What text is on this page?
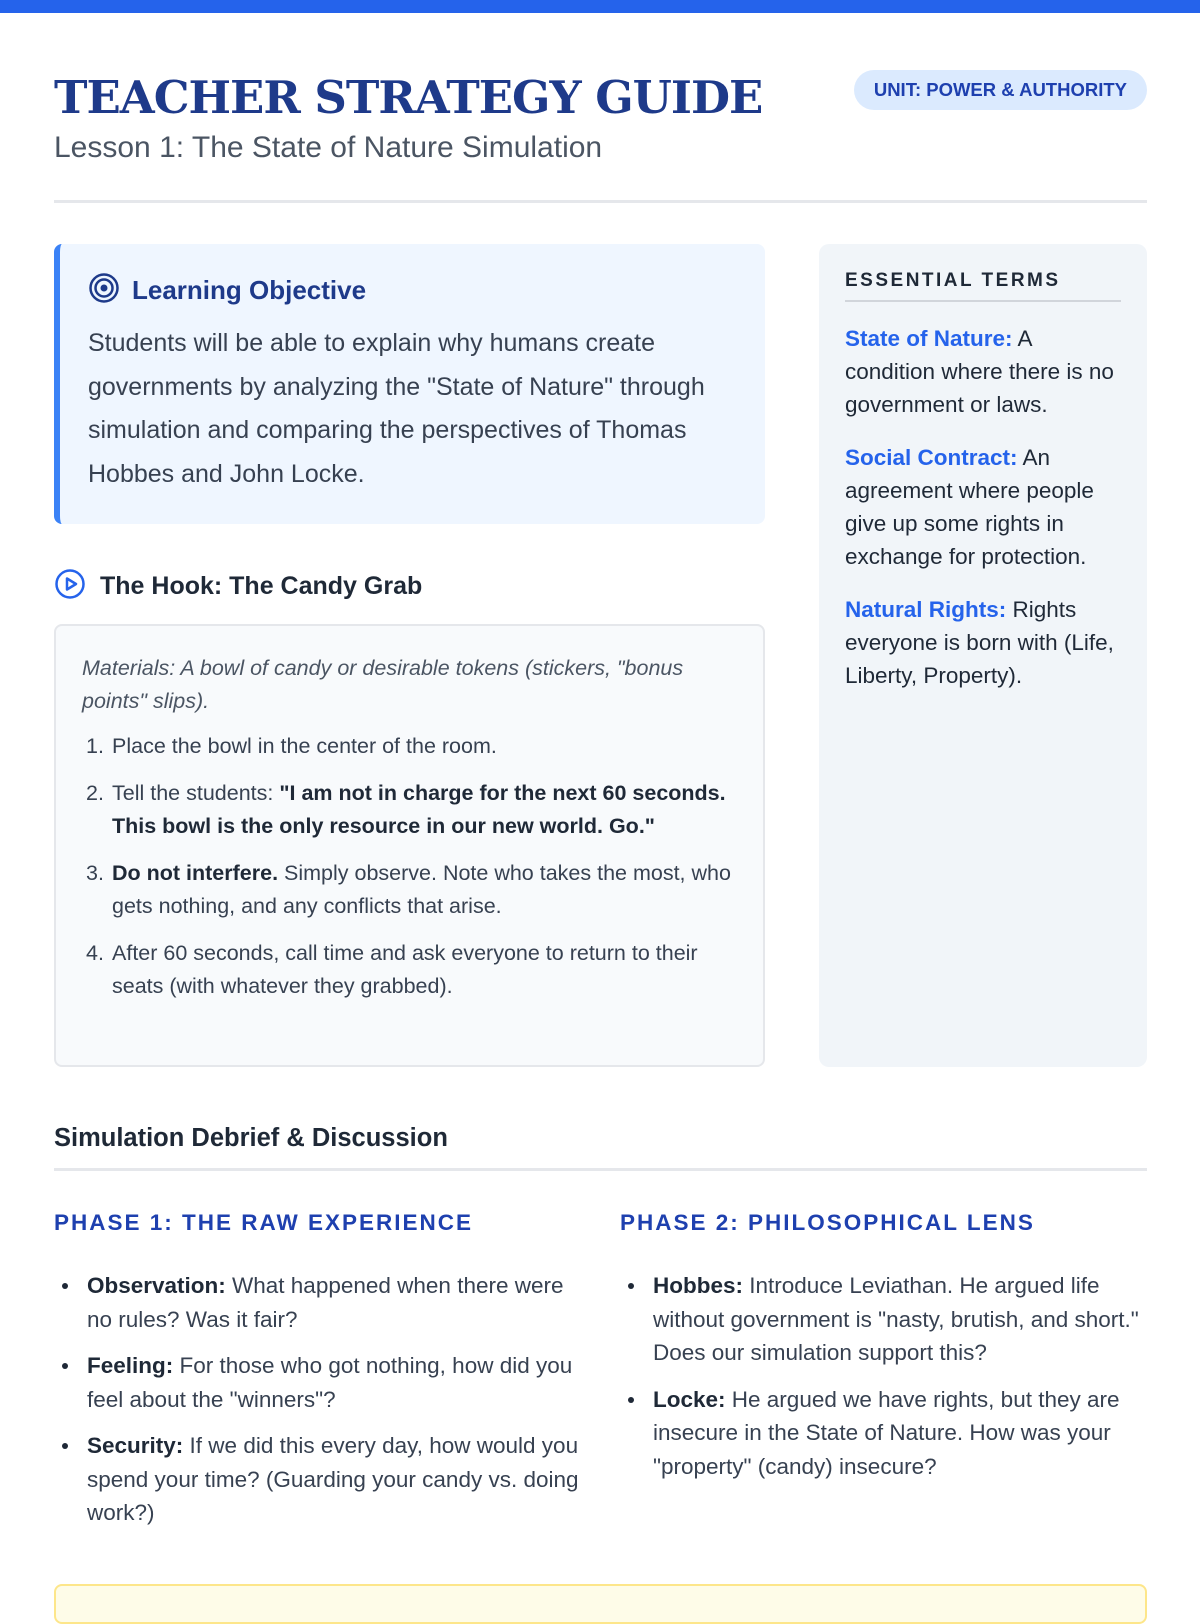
TEACHER STRATEGY GUIDE
Lesson 1: The State of Nature Simulation
UNIT: POWER & AUTHORITY
Learning Objective
Students will be able to explain why humans create governments by analyzing the "State of Nature" through simulation and comparing the perspectives of Thomas Hobbes and John Locke.
The Hook: The Candy Grab
Materials: A bowl of candy or desirable tokens (stickers, "bonus points" slips).
1. Place the bowl in the center of the room.
2. Tell the students: "I am not in charge for the next 60 seconds. This bowl is the only resource in our new world. Go."
3. Do not interfere. Simply observe. Note who takes the most, who gets nothing, and any conflicts that arise.
4. After 60 seconds, call time and ask everyone to return to their seats (with whatever they grabbed).
ESSENTIAL TERMS
State of Nature: A condition where there is no government or laws.
Social Contract: An agreement where people give up some rights in exchange for protection.
Natural Rights: Rights everyone is born with (Life, Liberty, Property).
Simulation Debrief & Discussion
PHASE 1: THE RAW EXPERIENCE
Observation: What happened when there were no rules? Was it fair?
Feeling: For those who got nothing, how did you feel about the "winners"?
Security: If we did this every day, how would you spend your time? (Guarding your candy vs. doing work?)
PHASE 2: PHILOSOPHICAL LENS
Hobbes: Introduce Leviathan. He argued life without government is "nasty, brutish, and short." Does our simulation support this?
Locke: He argued we have rights, but they are insecure in the State of Nature. How was your "property" (candy) insecure?
